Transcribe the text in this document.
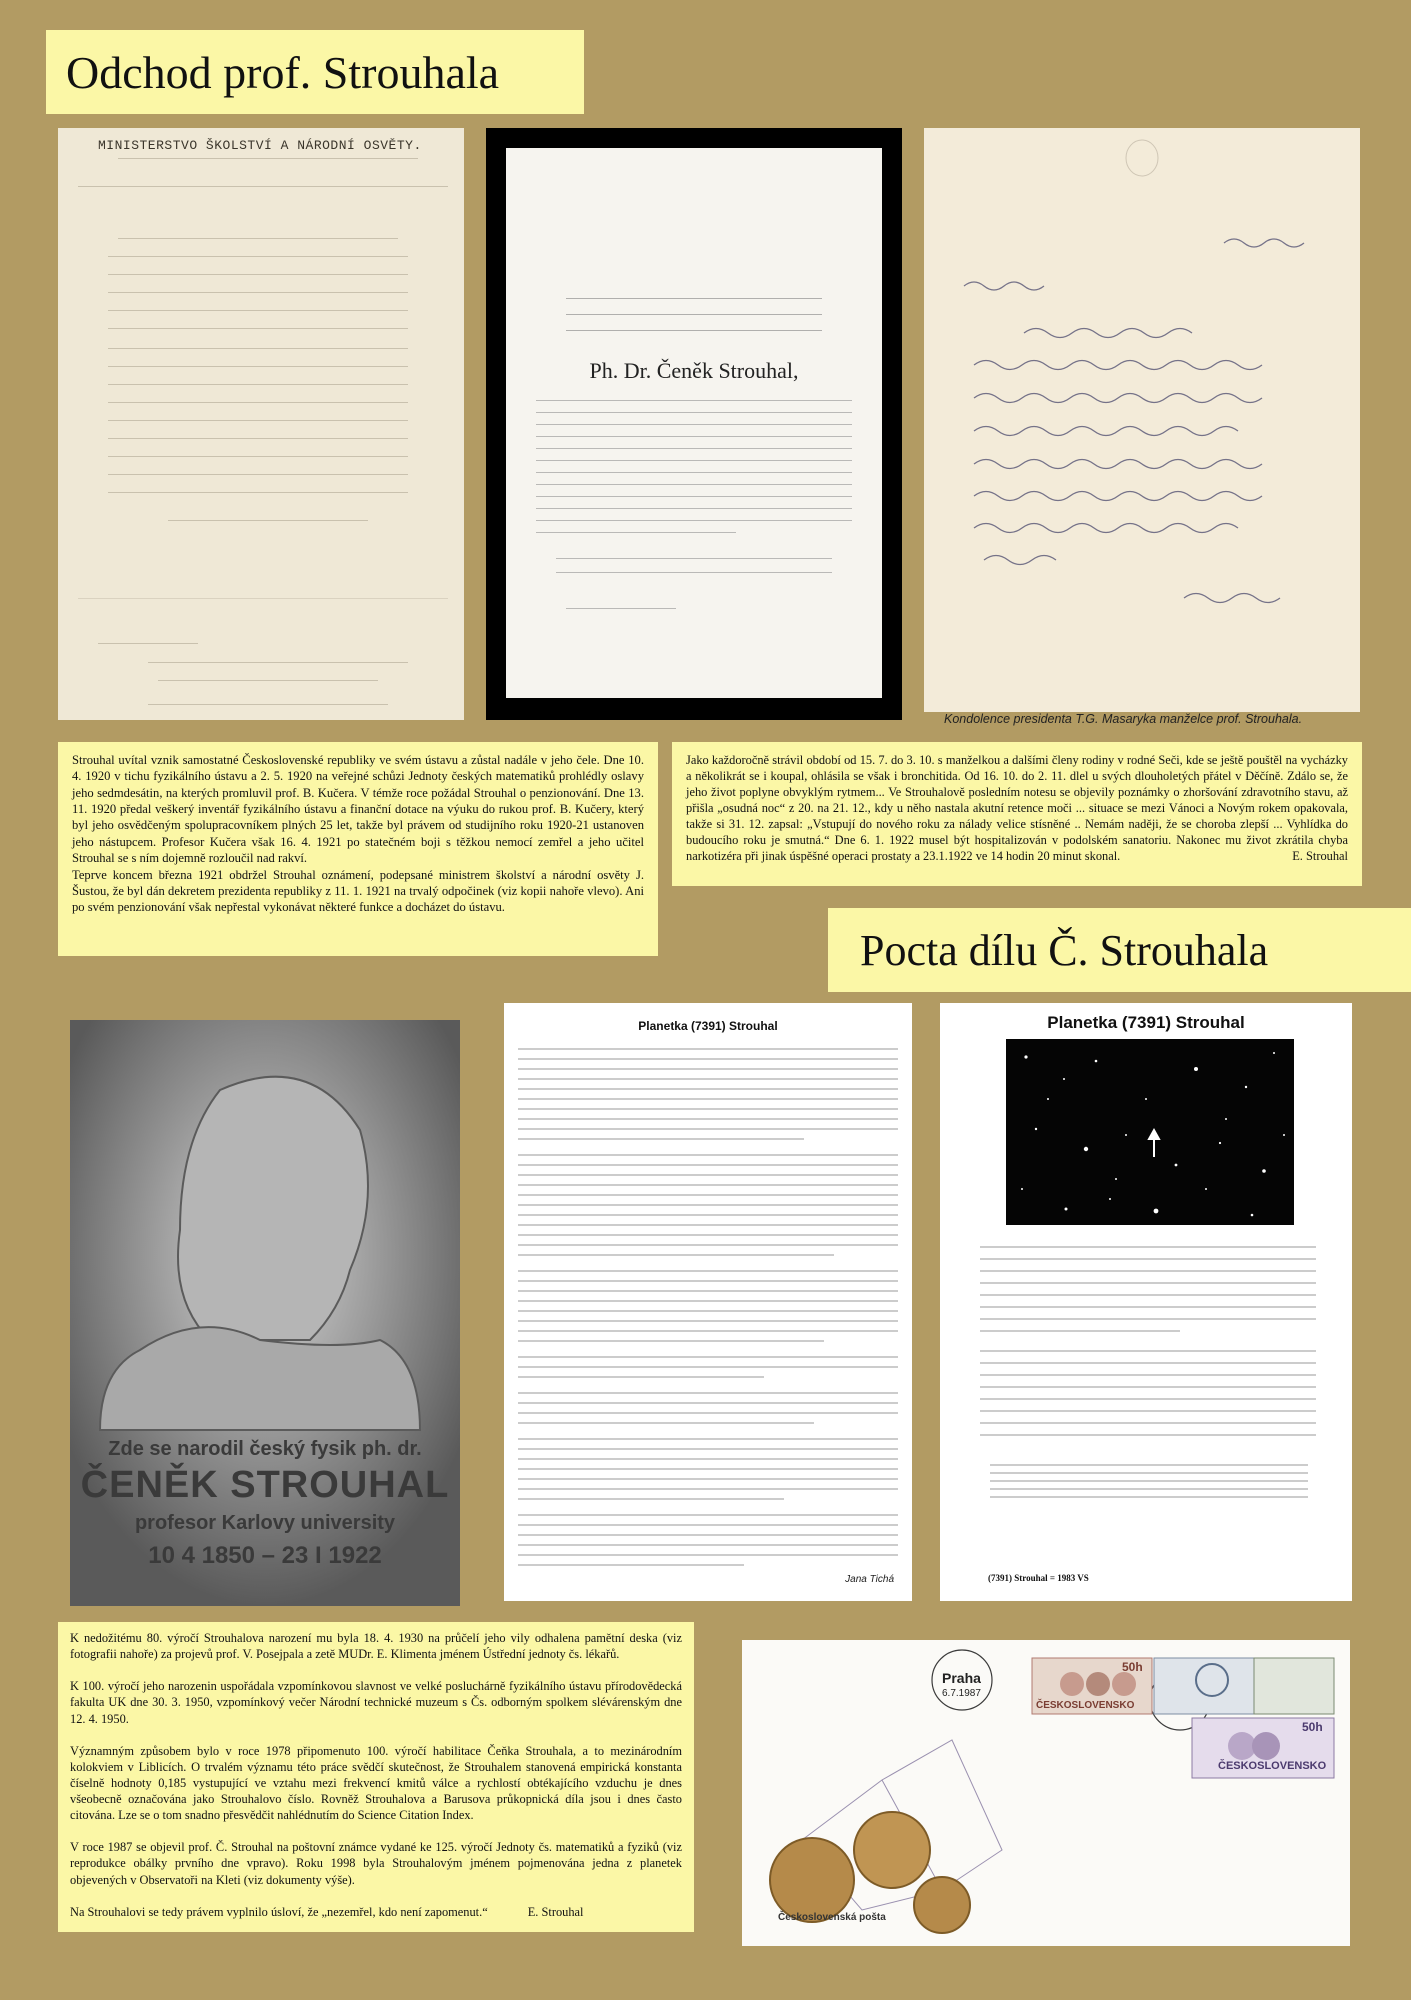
Odchod prof. Strouhala
MINISTERSTVO ŠKOLSTVÍ A NÁRODNÍ OSVĚTY.
Ph. Dr. Čeněk Strouhal,
Kondolence presidenta T.G. Masaryka manželce prof. Strouhala.

Strouhal uvítal vznik samostatné Československé republiky ve svém ústavu a zůstal nadále v jeho čele. Dne 10. 4. 1920 v tichu fyzikálního ústavu a 2. 5. 1920 na veřejné schůzi Jednoty českých matematiků prohlédly oslavy jeho sedmdesátin, na kterých promluvil prof. B. Kučera. V témže roce požádal Strouhal o penzionování. Dne 13. 11. 1920 předal veškerý inventář fyzikálního ústavu a finanční dotace na výuku do rukou prof. B. Kučery, který byl jeho osvědčeným spolupracovníkem plných 25 let, takže byl právem od studijního roku 1920-21 ustanoven jeho nástupcem. Profesor Kučera však 16. 4. 1921 po statečném boji s těžkou nemocí zemřel a jeho učitel Strouhal se s ním dojemně rozloučil nad rakví.

Teprve koncem března 1921 obdržel Strouhal oznámení, podepsané ministrem školství a národní osvěty J. Šustou, že byl dán dekretem prezidenta republiky z 11. 1. 1921 na trvalý odpočinek (viz kopii nahoře vlevo). Ani po svém penzionování však nepřestal vykonávat některé funkce a docházet do ústavu.

Jako každoročně strávil období od 15. 7. do 3. 10. s manželkou a dalšími členy rodiny v rodné Seči, kde se ještě pouštěl na vycházky a několikrát se i koupal, ohlásila se však i bronchitida. Od 16. 10. do 2. 11. dlel u svých dlouholetých přátel v Děčíně. Zdálo se, že jeho život poplyne obvyklým rytmem... Ve Strouhalově posledním notesu se objevily poznámky o zhoršování zdravotního stavu, až přišla „osudná noc“ z 20. na 21. 12., kdy u něho nastala akutní retence moči ... situace se mezi Vánoci a Novým rokem opakovala, takže si 31. 12. zapsal: „Vstupují do nového roku za nálady velice stísněné .. Nemám naději, že se choroba zlepší ... Vyhlídka do budoucího roku je smutná.“ Dne 6. 1. 1922 musel být hospitalizován v podolském sanatoriu. Nakonec mu život zkrátila chyba narkotizéra při jinak úspěšné operaci prostaty a 23.1.1922 ve 14 hodin 20 minut skonal.	E. Strouhal

Pocta dílu Č. Strouhala
Zde se narodil český fysik ph. dr.
ČENĚK STROUHAL
profesor Karlovy university
10 4 1850 – 23 I 1922
Planetka (7391) Strouhal
Jana Tichá
Planetka (7391) Strouhal
(7391) Strouhal = 1983 VS

K nedožitému 80. výročí Strouhalova narození mu byla 18. 4. 1930 na průčelí jeho vily odhalena pamětní deska (viz fotografii nahoře) za projevů prof. V. Posejpala a zetě MUDr. E. Klimenta jménem Ústřední jednoty čs. lékařů.

K 100. výročí jeho narozenin uspořádala vzpomínkovou slavnost ve velké posluchárně fyzikálního ústavu přírodovědecká fakulta UK dne 30. 3. 1950, vzpomínkový večer Národní technické muzeum s Čs. odborným spolkem slévárenským dne 12. 4. 1950.

Významným způsobem bylo v roce 1978 připomenuto 100. výročí habilitace Čeňka Strouhala, a to mezinárodním kolokviem v Liblicích. O trvalém významu této práce svědčí skutečnost, že Strouhalem stanovená empirická konstanta číselně hodnoty 0,185 vystupující ve vztahu mezi frekvencí kmitů válce a rychlostí obtékajícího vzduchu je dnes všeobecně označována jako Strouhalovo číslo. Rovněž Strouhalova a Barusova průkopnická díla jsou i dnes často citována. Lze se o tom snadno přesvědčit nahlédnutím do Science Citation Index.

V roce 1987 se objevil prof. Č. Strouhal na poštovní známce vydané ke 125. výročí Jednoty čs. matematiků a fyziků (viz reprodukce obálky prvního dne vpravo). Roku 1998 byla Strouhalovým jménem pojmenována jedna z planetek objevených v Observatoři na Kleti (viz dokumenty výše).

Na Strouhalovi se tedy právem vyplnilo úsloví, že „nezemřel, kdo není zapomenut.“	E. Strouhal

Praha
6.7.1987
ČESKOSLOVENSKO
50h
ČESKOSLOVENSKO
50h
Československá pošta
